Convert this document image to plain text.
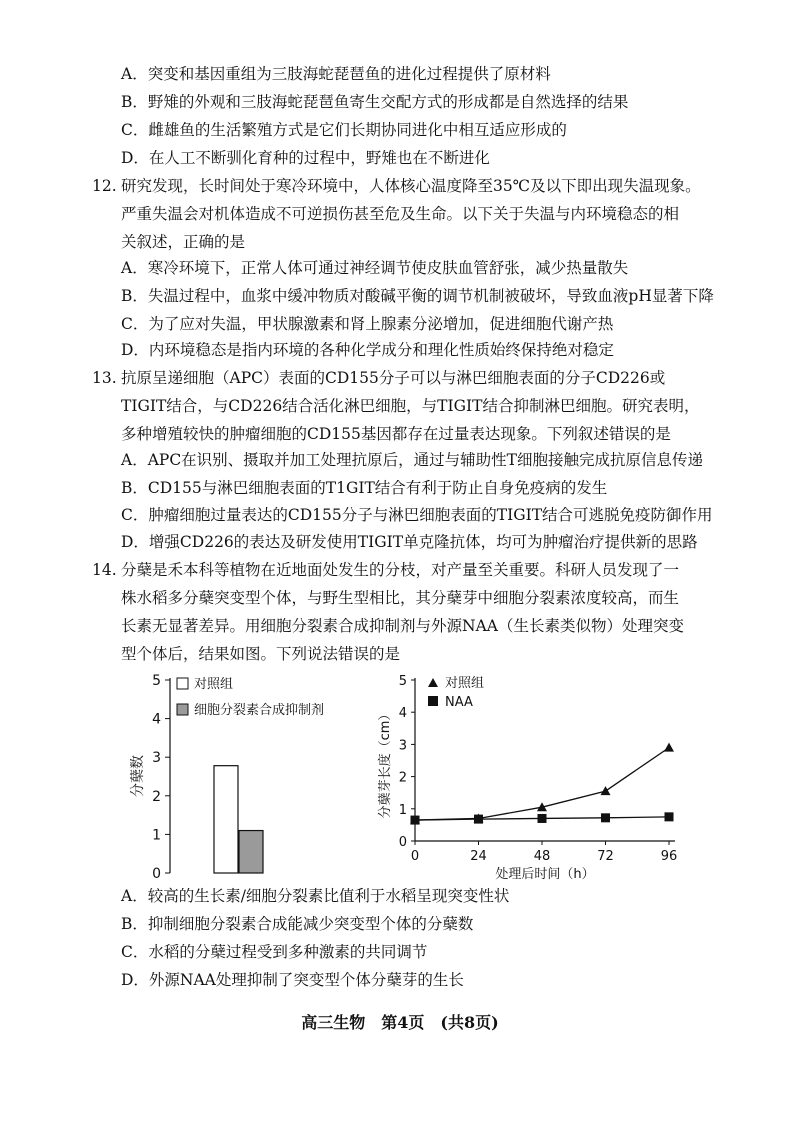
A．突变和基因重组为三肢海蛇琵琶鱼的进化过程提供了原材料
B．野雉的外观和三肢海蛇琵琶鱼寄生交配方式的形成都是自然选择的结果
C．雌雄鱼的生活繁殖方式是它们长期协同进化中相互适应形成的
D．在人工不断驯化育种的过程中，野雉也在不断进化
12. 研究发现，长时间处于寒冷环境中，人体核心温度降至35℃及以下即出现失温现象。
严重失温会对机体造成不可逆损伤甚至危及生命。以下关于失温与内环境稳态的相
关叙述，正确的是
A．寒冷环境下，正常人体可通过神经调节使皮肤血管舒张，减少热量散失
B．失温过程中，血浆中缓冲物质对酸碱平衡的调节机制被破坏，导致血液pH显著下降
C．为了应对失温，甲状腺激素和肾上腺素分泌增加，促进细胞代谢产热
D．内环境稳态是指内环境的各种化学成分和理化性质始终保持绝对稳定
13. 抗原呈递细胞（APC）表面的CD155分子可以与淋巴细胞表面的分子CD226或
TIGIT结合，与CD226结合活化淋巴细胞，与TIGIT结合抑制淋巴细胞。研究表明，
多种增殖较快的肿瘤细胞的CD155基因都存在过量表达现象。下列叙述错误的是
A．APC在识别、摄取并加工处理抗原后，通过与辅助性T细胞接触完成抗原信息传递
B．CD155与淋巴细胞表面的T1GIT结合有利于防止自身免疫病的发生
C．肿瘤细胞过量表达的CD155分子与淋巴细胞表面的TIGIT结合可逃脱免疫防御作用
D．增强CD226的表达及研发使用TIGIT单克隆抗体，均可为肿瘤治疗提供新的思路
14. 分蘖是禾本科等植物在近地面处发生的分枝，对产量至关重要。科研人员发现了一
株水稻多分蘖突变型个体，与野生型相比，其分蘖芽中细胞分裂素浓度较高，而生
长素无显著差异。用细胞分裂素合成抑制剂与外源NAA（生长素类似物）处理突变
型个体后，结果如图。下列说法错误的是
0
1
2
3
4
5
分蘖数
对照组
细胞分裂素合成抑制剂
0
1
2
3
4
5
0	24	48	72	96
分蘖芽长度（cm）
处理后时间（h）
对照组
NAA
A．较高的生长素/细胞分裂素比值利于水稻呈现突变性状
B．抑制细胞分裂素合成能减少突变型个体的分蘖数
C．水稻的分蘖过程受到多种激素的共同调节
D．外源NAA处理抑制了突变型个体分蘖芽的生长
高三生物　第4页　(共8页)
